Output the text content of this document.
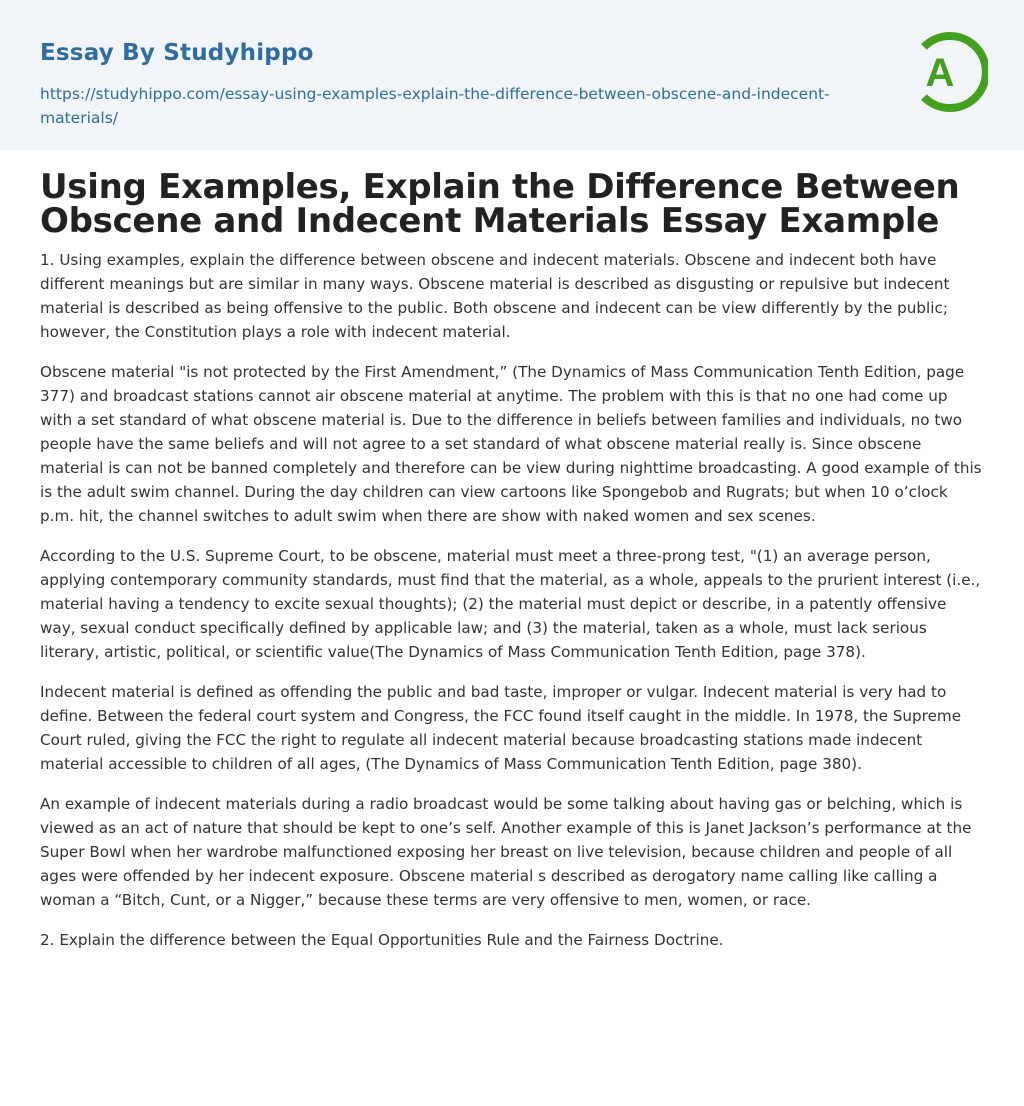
Essay By Studyhippo
https://studyhippo.com/essay-using-examples-explain-the-difference-between-obscene-and-indecent-materials/
A
Using Examples, Explain the Difference Between Obscene and Indecent Materials Essay Example

1. Using examples, explain the difference between obscene and indecent materials. Obscene and indecent both have different meanings but are similar in many ways. Obscene material is described as disgusting or repulsive but indecent material is described as being offensive to the public. Both obscene and indecent can be view differently by the public; however, the Constitution plays a role with indecent material.

Obscene material "is not protected by the First Amendment,” (The Dynamics of Mass Communication Tenth Edition, page 377) and broadcast stations cannot air obscene material at anytime. The problem with this is that no one had come up with a set standard of what obscene material is. Due to the difference in beliefs between families and individuals, no two people have the same beliefs and will not agree to a set standard of what obscene material really is. Since obscene material is can not be banned completely and therefore can be view during nighttime broadcasting. A good example of this is the adult swim channel. During the day children can view cartoons like Spongebob and Rugrats; but when 10 o’clock p.m. hit, the channel switches to adult swim when there are show with naked women and sex scenes.

According to the U.S. Supreme Court, to be obscene, material must meet a three-prong test, "(1) an average person, applying contemporary community standards, must find that the material, as a whole, appeals to the prurient interest (i.e., material having a tendency to excite sexual thoughts); (2) the material must depict or describe, in a patently offensive way, sexual conduct specifically defined by applicable law; and (3) the material, taken as a whole, must lack serious literary, artistic, political, or scientific value(The Dynamics of Mass Communication Tenth Edition, page 378).

Indecent material is defined as offending the public and bad taste, improper or vulgar. Indecent material is very had to define. Between the federal court system and Congress, the FCC found itself caught in the middle. In 1978, the Supreme Court ruled, giving the FCC the right to regulate all indecent material because broadcasting stations made indecent material accessible to children of all ages, (The Dynamics of Mass Communication Tenth Edition, page 380).

An example of indecent materials during a radio broadcast would be some talking about having gas or belching, which is viewed as an act of nature that should be kept to one’s self. Another example of this is Janet Jackson’s performance at the Super Bowl when her wardrobe malfunctioned exposing her breast on live television, because children and people of all ages were offended by her indecent exposure. Obscene material s described as derogatory name calling like calling a woman a “Bitch, Cunt, or a Nigger,” because these terms are very offensive to men, women, or race.

2. Explain the difference between the Equal Opportunities Rule and the Fairness Doctrine.
